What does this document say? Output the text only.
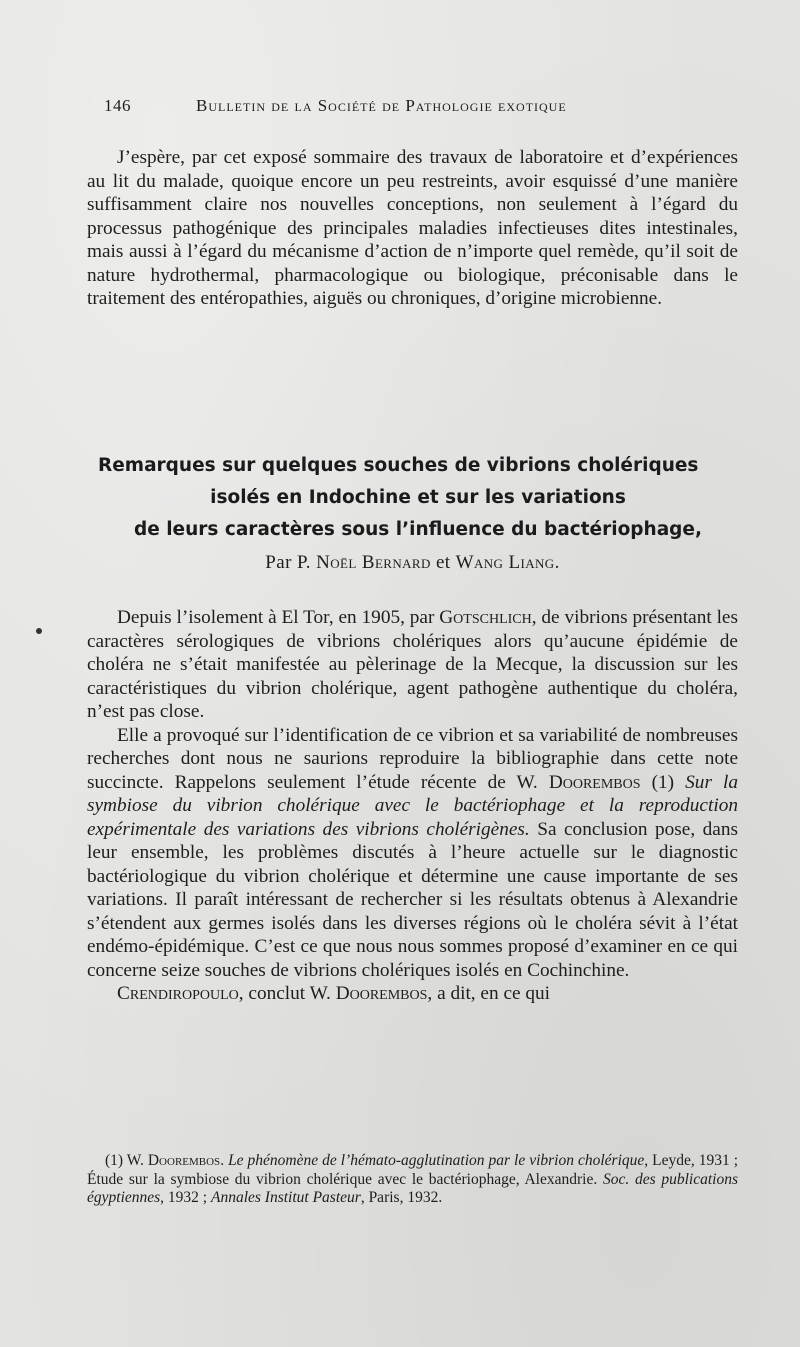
146	Bulletin de la Société de Pathologie exotique

J’espère, par cet exposé sommaire des travaux de laboratoire et d’expériences au lit du malade, quoique encore un peu restreints, avoir esquissé d’une manière suffisamment claire nos nouvelles conceptions, non seulement à l’égard du processus pathogénique des principales maladies infectieuses dites intestinales, mais aussi à l’égard du mécanisme d’action de n’importe quel remède, qu’il soit de nature hydrothermal, pharmacologique ou biologique, préconisable dans le traitement des entéropathies, aiguës ou chroniques, d’origine microbienne.

Remarques sur quelques souches de vibrions cholériques
isolés en Indochine et sur les variations
de leurs caractères sous l’influence du bactériophage,
Par P. Noël Bernard et Wang Liang.

Depuis l’isolement à El Tor, en 1905, par Gotschlich, de vibrions présentant les caractères sérologiques de vibrions cholériques alors qu’aucune épidémie de choléra ne s’était manifestée au pèlerinage de la Mecque, la discussion sur les caractéristiques du vibrion cholérique, agent pathogène authentique du choléra, n’est pas close.

Elle a provoqué sur l’identification de ce vibrion et sa variabilité de nombreuses recherches dont nous ne saurions reproduire la bibliographie dans cette note succincte. Rappelons seulement l’étude récente de W. Doorembos (1) Sur la symbiose du vibrion cholérique avec le bactériophage et la reproduction expérimentale des variations des vibrions cholérigènes. Sa conclusion pose, dans leur ensemble, les problèmes discutés à l’heure actuelle sur le diagnostic bactériologique du vibrion cholérique et détermine une cause importante de ses variations. Il paraît intéressant de rechercher si les résultats obtenus à Alexandrie s’étendent aux germes isolés dans les diverses régions où le choléra sévit à l’état endémo-épidémique. C’est ce que nous nous sommes proposé d’examiner en ce qui concerne seize souches de vibrions cholériques isolés en Cochinchine.

Crendiropoulo, conclut W. Doorembos, a dit, en ce qui

(1) W. Doorembos. Le phénomène de l’hémato-agglutination par le vibrion cholérique, Leyde, 1931 ; Étude sur la symbiose du vibrion cholérique avec le bactériophage, Alexandrie. Soc. des publications égyptiennes, 1932 ; Annales Institut Pasteur, Paris, 1932.
